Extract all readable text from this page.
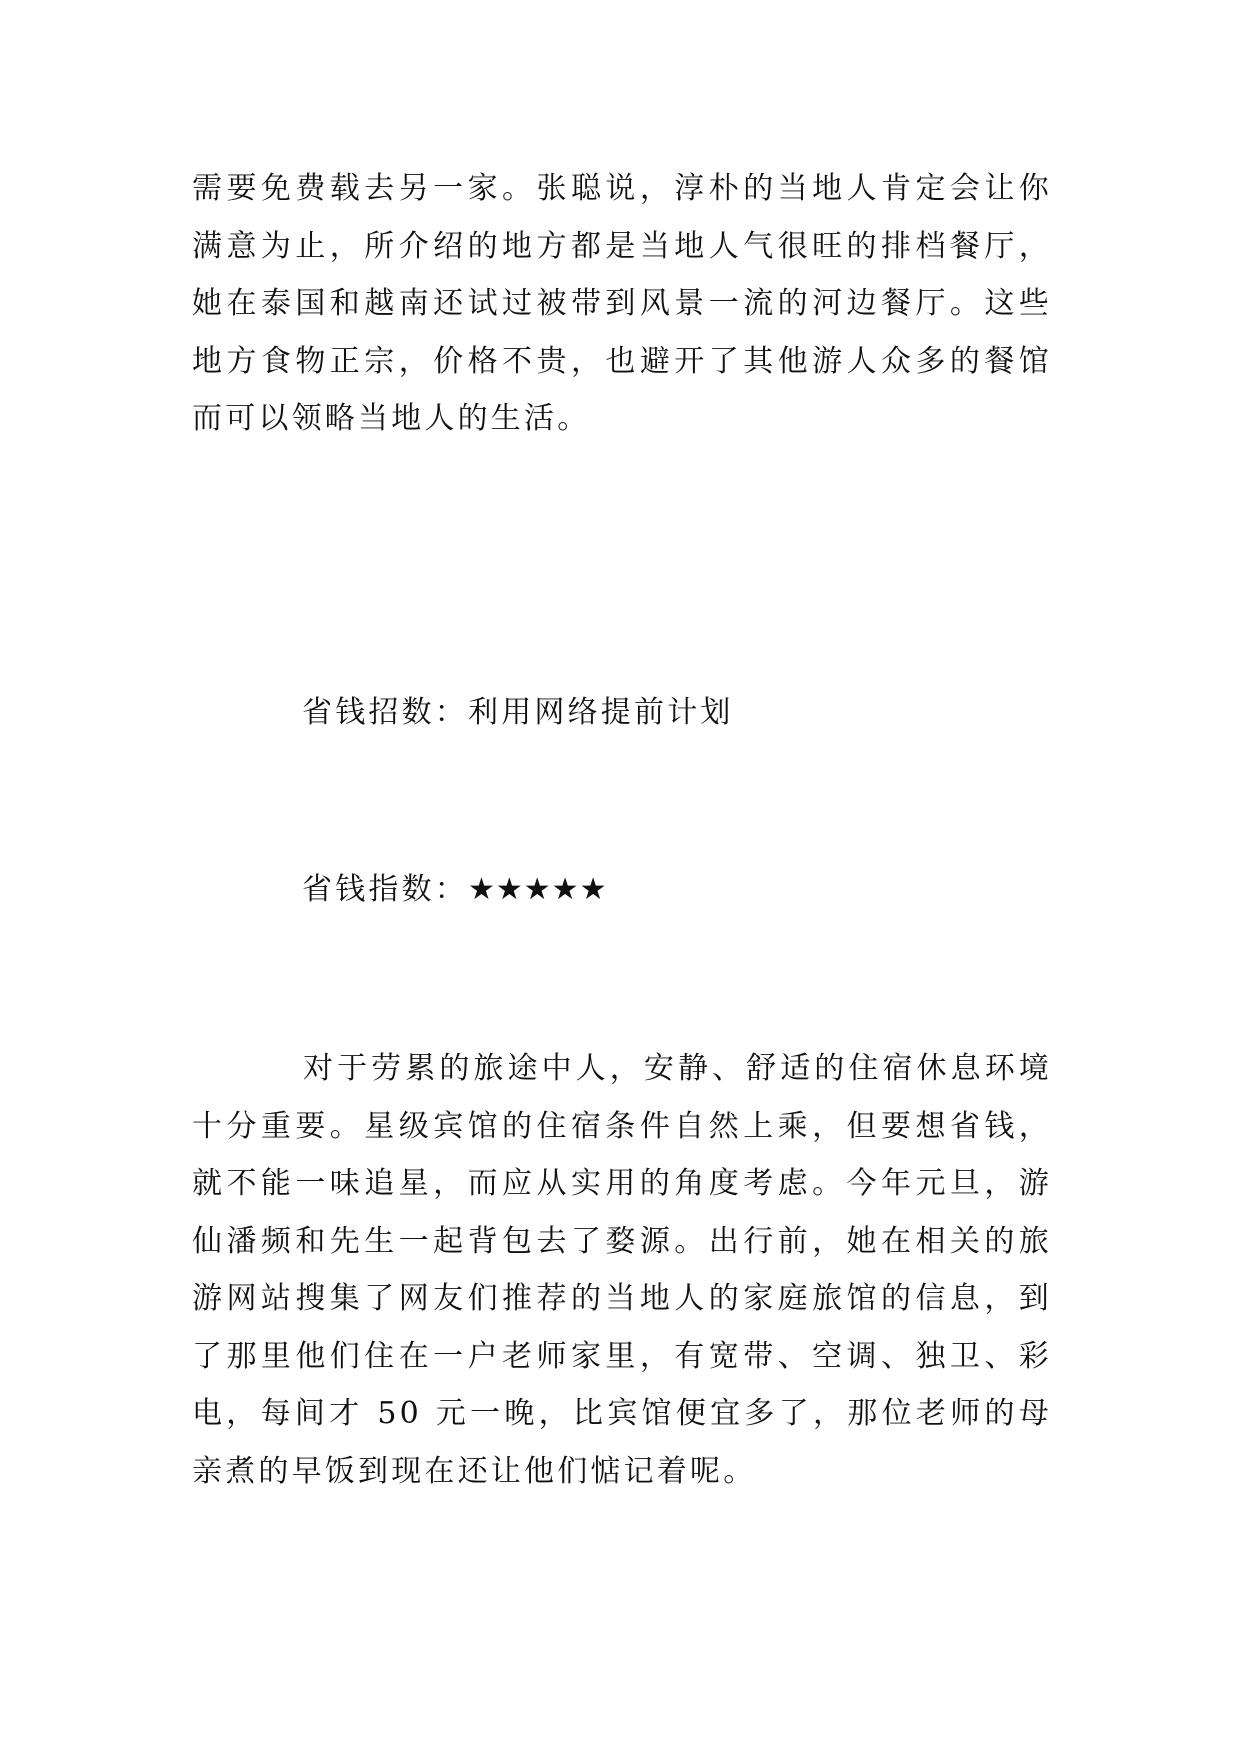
需要免费载去另一家。张聪说，淳朴的当地人肯定会让你满意为止，所介绍的地方都是当地人气很旺的排档餐厅，她在泰国和越南还试过被带到风景一流的河边餐厅。这些地方食物正宗，价格不贵，也避开了其他游人众多的餐馆而可以领略当地人的生活。

省钱招数：利用网络提前计划

省钱指数：★★★★★

对于劳累的旅途中人，安静、舒适的住宿休息环境十分重要。星级宾馆的住宿条件自然上乘，但要想省钱，就不能一味追星，而应从实用的角度考虑。今年元旦，游仙潘频和先生一起背包去了婺源。出行前，她在相关的旅游网站搜集了网友们推荐的当地人的家庭旅馆的信息，到了那里他们住在一户老师家里，有宽带、空调、独卫、彩电，每间才 50 元一晚，比宾馆便宜多了，那位老师的母亲煮的早饭到现在还让他们惦记着呢。
